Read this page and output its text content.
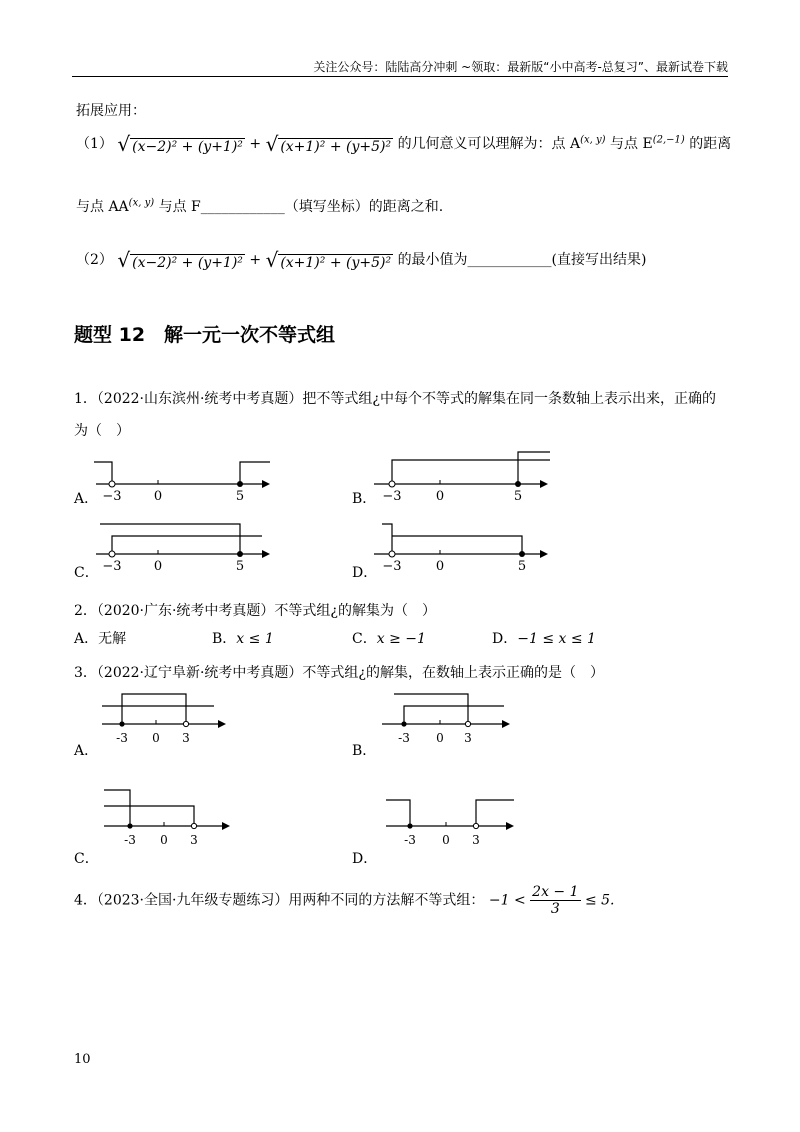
关注公众号：陆陆高分冲刺 ~领取：最新版“小中高考-总复习”、最新试卷下载
拓展应用：
（1） √ (x−2)² + (y+1)² + √ (x+1)² + (y+5)² 的几何意义可以理解为：点 A$^{(x, y)}$ 与点 $E^{(2,-1)}$ 的距离
与点 AA$^{(x, y)}$ 与点 F____________（填写坐标）的距离之和.
（2） √ (x−2)² + (y+1)² + √ (x+1)² + (y+5)² 的最小值为____________(直接写出结果)
题型 12　解一元一次不等式组
1．（2022·山东滨州·统考中考真题）把不等式组¿中每个不等式的解集在同一条数轴上表示出来，正确的
为（　）
A． −3 0	5	B． −3	0	5
C． −3 0	5	D． −3	0	5
2．（2020·广东·统考中考真题）不等式组¿的解集为（　）
A．无解	B．x ≤ 1	C．x ≥ −1	D．−1 ≤ x ≤ 1
3．（2022·辽宁阜新·统考中考真题）不等式组¿的解集，在数轴上表示正确的是（　）
A．
-3 0 3
B．
-3 0 3
C．
-3 0 3
D．
-3 0 3
4．（2023·全国·九年级专题练习）用两种不同的方法解不等式组： $-1 < \frac{2x - 1}{3} \le 5$.
10
